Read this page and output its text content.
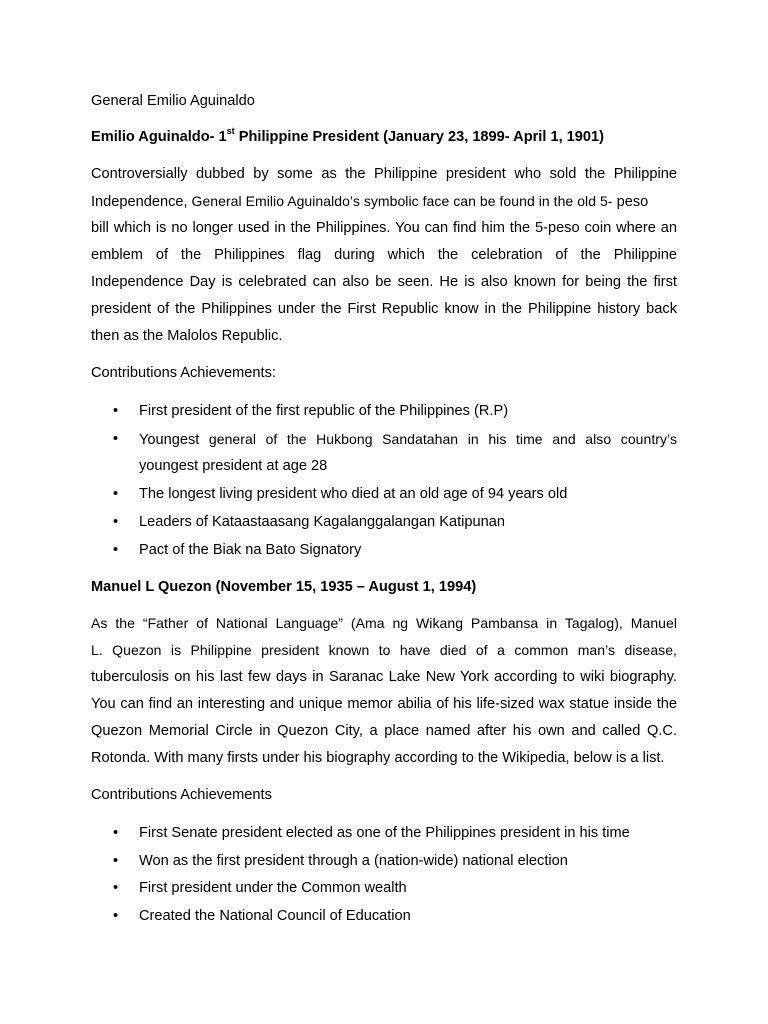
General Emilio Aguinaldo
Emilio Aguinaldo- 1st Philippine President (January 23, 1899- April 1, 1901)
Controversially dubbed by some as the Philippine president who sold the Philippine
Independence, General Emilio Aguinaldo’s symbolic face can be found in the old 5- peso
bill which is no longer used in the Philippines. You can find him the 5-peso coin where an
emblem of the Philippines flag during which the celebration of the Philippine
Independence Day is celebrated can also be seen. He is also known for being the first
president of the Philippines under the First Republic know in the Philippine history back
then as the Malolos Republic.
Contributions Achievements:
•	First president of the first republic of the Philippines (R.P)
•	Youngest general of the Hukbong Sandatahan in his time and also country’s
youngest president at age 28
•	The longest living president who died at an old age of 94 years old
•	Leaders of Kataastaasang Kagalanggalangan Katipunan
•	Pact of the Biak na Bato Signatory
Manuel L Quezon (November 15, 1935 – August 1, 1994)
As the “Father of National Language” (Ama ng Wikang Pambansa in Tagalog), Manuel
L. Quezon is Philippine president known to have died of a common man’s disease,
tuberculosis on his last few days in Saranac Lake New York according to wiki biography.
You can find an interesting and unique memor abilia of his life-sized wax statue inside the
Quezon Memorial Circle in Quezon City, a place named after his own and called Q.C.
Rotonda. With many firsts under his biography according to the Wikipedia, below is a list.
Contributions Achievements
•	First Senate president elected as one of the Philippines president in his time
•	Won as the first president through a (nation-wide) national election
•	First president under the Common wealth
•	Created the National Council of Education
